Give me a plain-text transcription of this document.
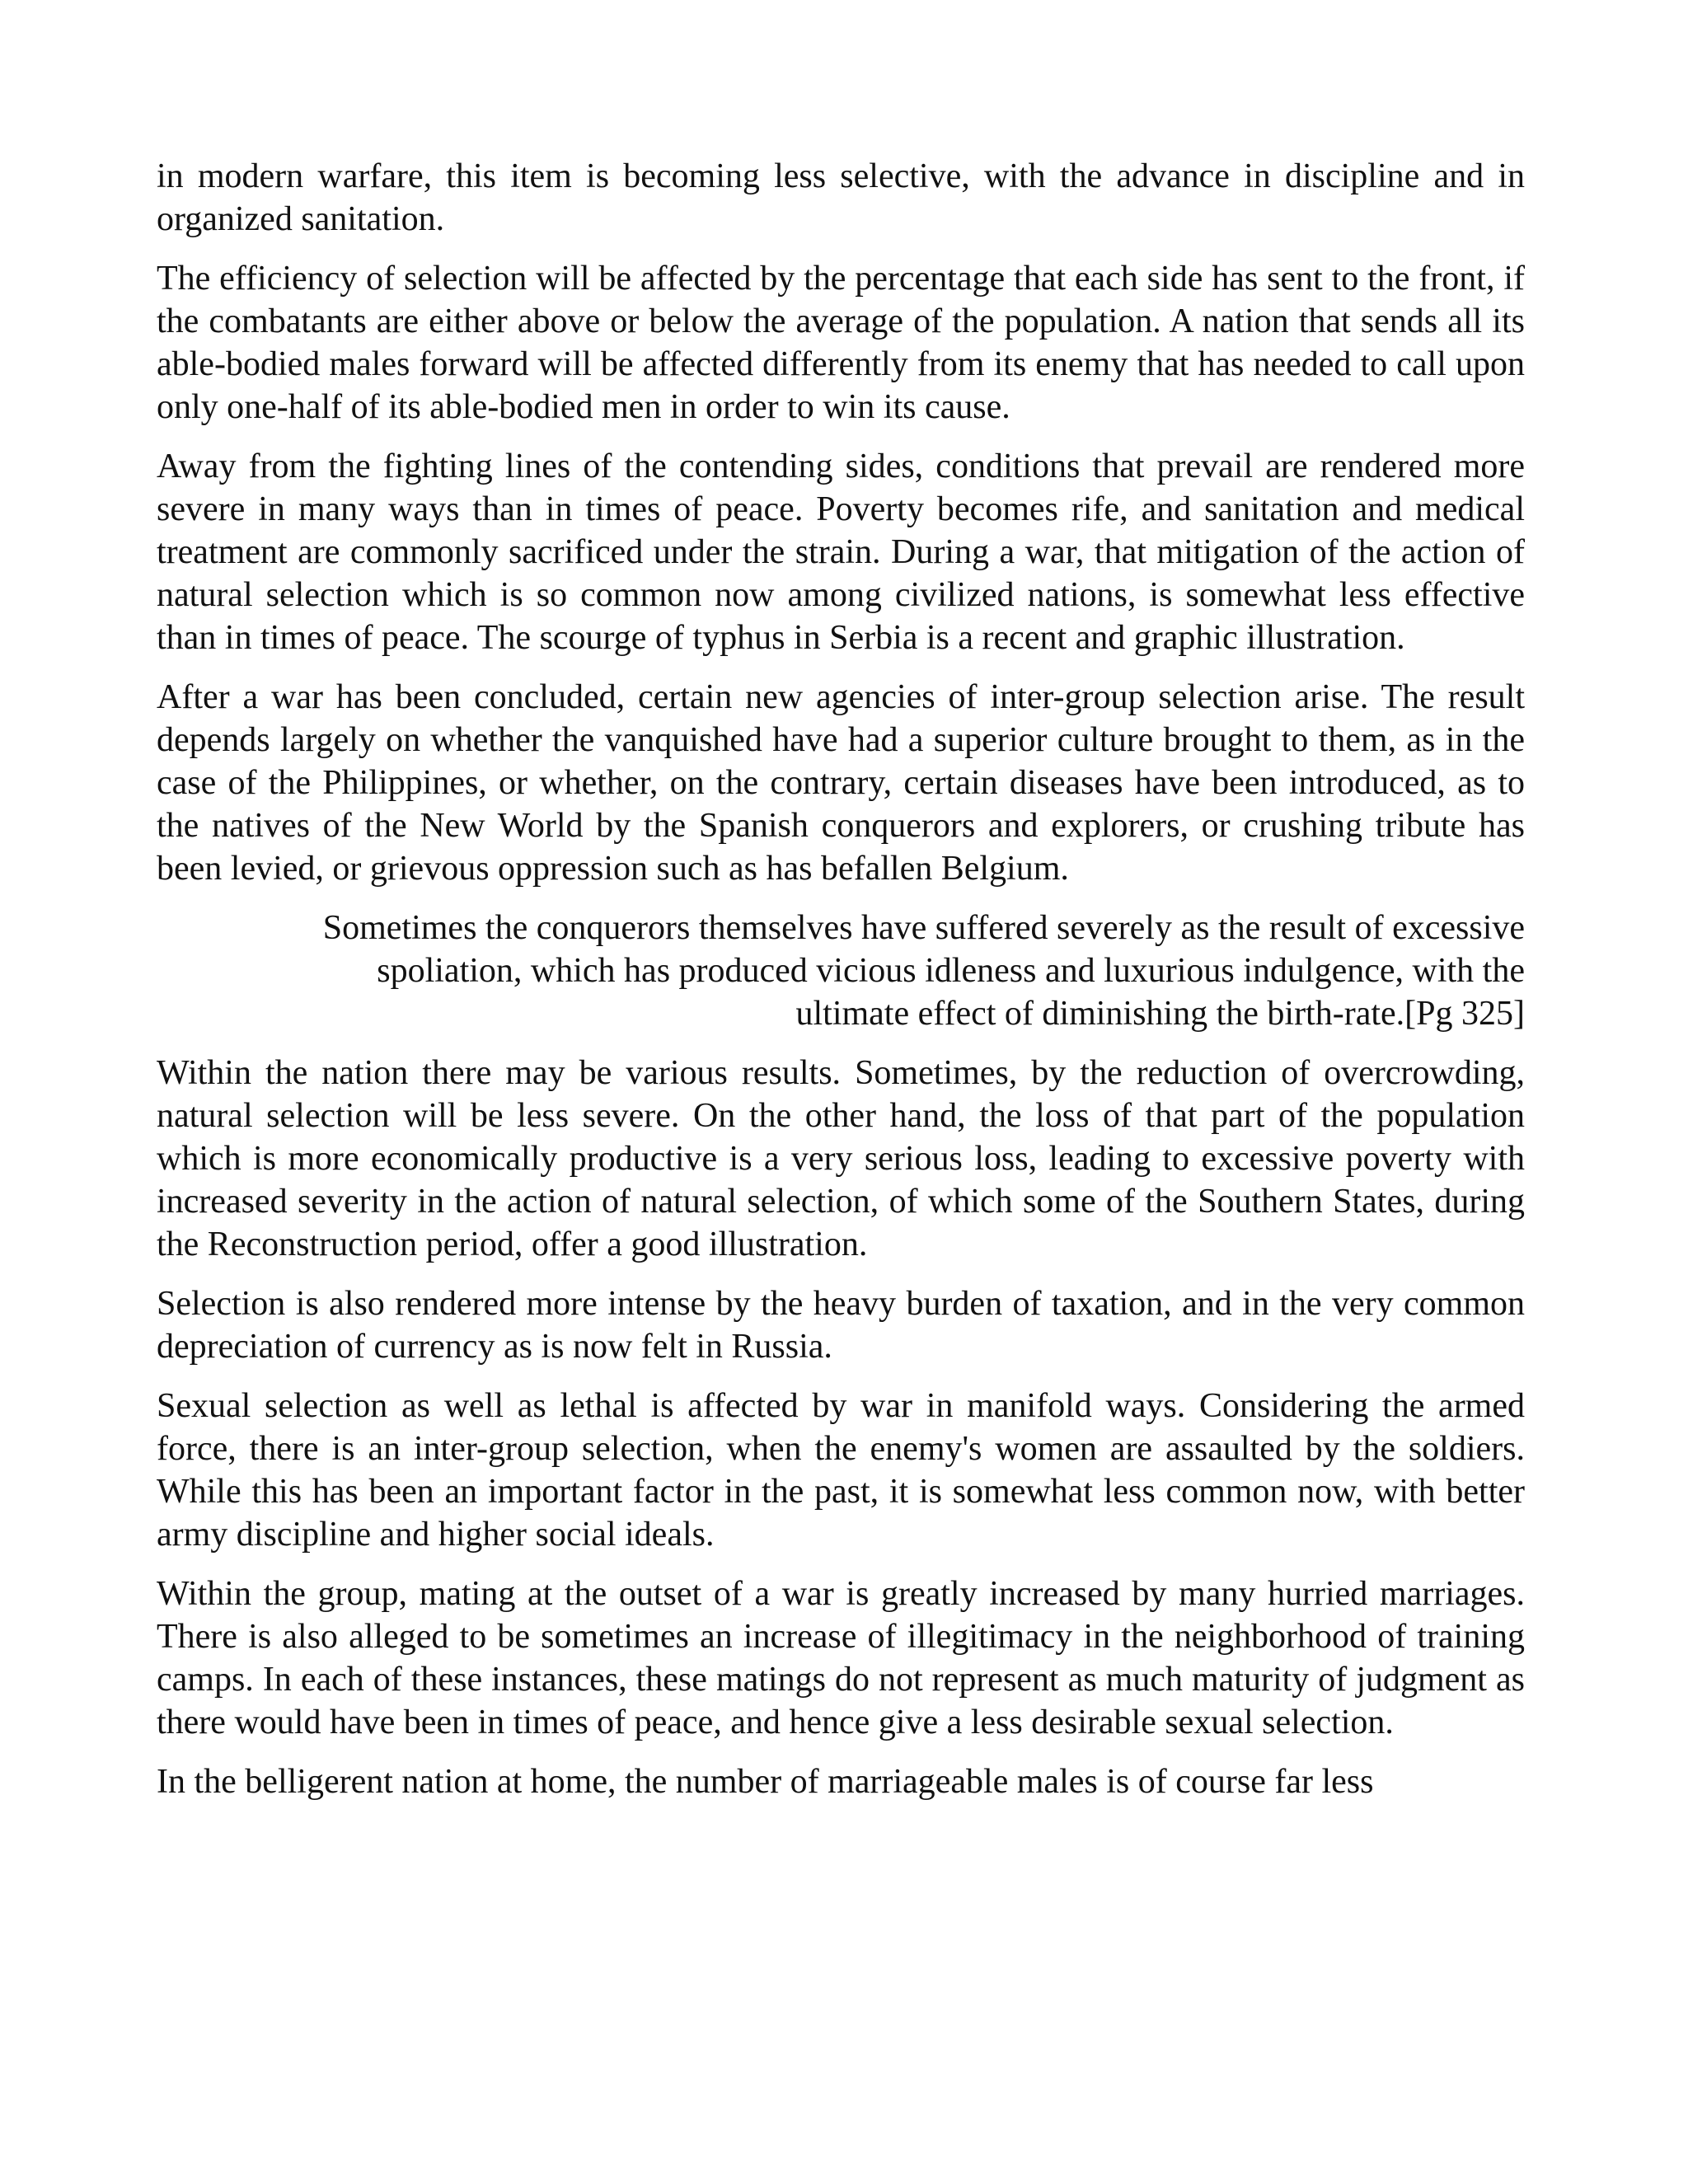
in modern warfare, this item is becoming less selective, with the advance in discipline and in organized sanitation.

The efficiency of selection will be affected by the percentage that each side has sent to the front, if the combatants are either above or below the average of the population. A nation that sends all its able-bodied males forward will be affected differently from its enemy that has needed to call upon only one-half of its able-bodied men in order to win its cause.

Away from the fighting lines of the contending sides, conditions that prevail are rendered more severe in many ways than in times of peace. Poverty becomes rife, and sanitation and medical treatment are commonly sacrificed under the strain. During a war, that mitigation of the action of natural selection which is so common now among civilized nations, is somewhat less effective than in times of peace. The scourge of typhus in Serbia is a recent and graphic illustration.

After a war has been concluded, certain new agencies of inter-group selection arise. The result depends largely on whether the vanquished have had a superior culture brought to them, as in the case of the Philippines, or whether, on the contrary, certain diseases have been introduced, as to the natives of the New World by the Spanish conquerors and explorers, or crushing tribute has been levied, or grievous oppression such as has befallen Belgium.

Sometimes the conquerors themselves have suffered severely as the result of excessive
spoliation, which has produced vicious idleness and luxurious indulgence, with the
ultimate effect of diminishing the birth-rate.[Pg 325]

Within the nation there may be various results. Sometimes, by the reduction of overcrowding, natural selection will be less severe. On the other hand, the loss of that part of the population which is more economically productive is a very serious loss, leading to excessive poverty with increased severity in the action of natural selection, of which some of the Southern States, during the Reconstruction period, offer a good illustration.

Selection is also rendered more intense by the heavy burden of taxation, and in the very common depreciation of currency as is now felt in Russia.

Sexual selection as well as lethal is affected by war in manifold ways. Considering the armed force, there is an inter-group selection, when the enemy's women are assaulted by the soldiers. While this has been an important factor in the past, it is somewhat less common now, with better army discipline and higher social ideals.

Within the group, mating at the outset of a war is greatly increased by many hurried marriages. There is also alleged to be sometimes an increase of illegitimacy in the neighborhood of training camps. In each of these instances, these matings do not represent as much maturity of judgment as there would have been in times of peace, and hence give a less desirable sexual selection.

In the belligerent nation at home, the number of marriageable males is of course far less
